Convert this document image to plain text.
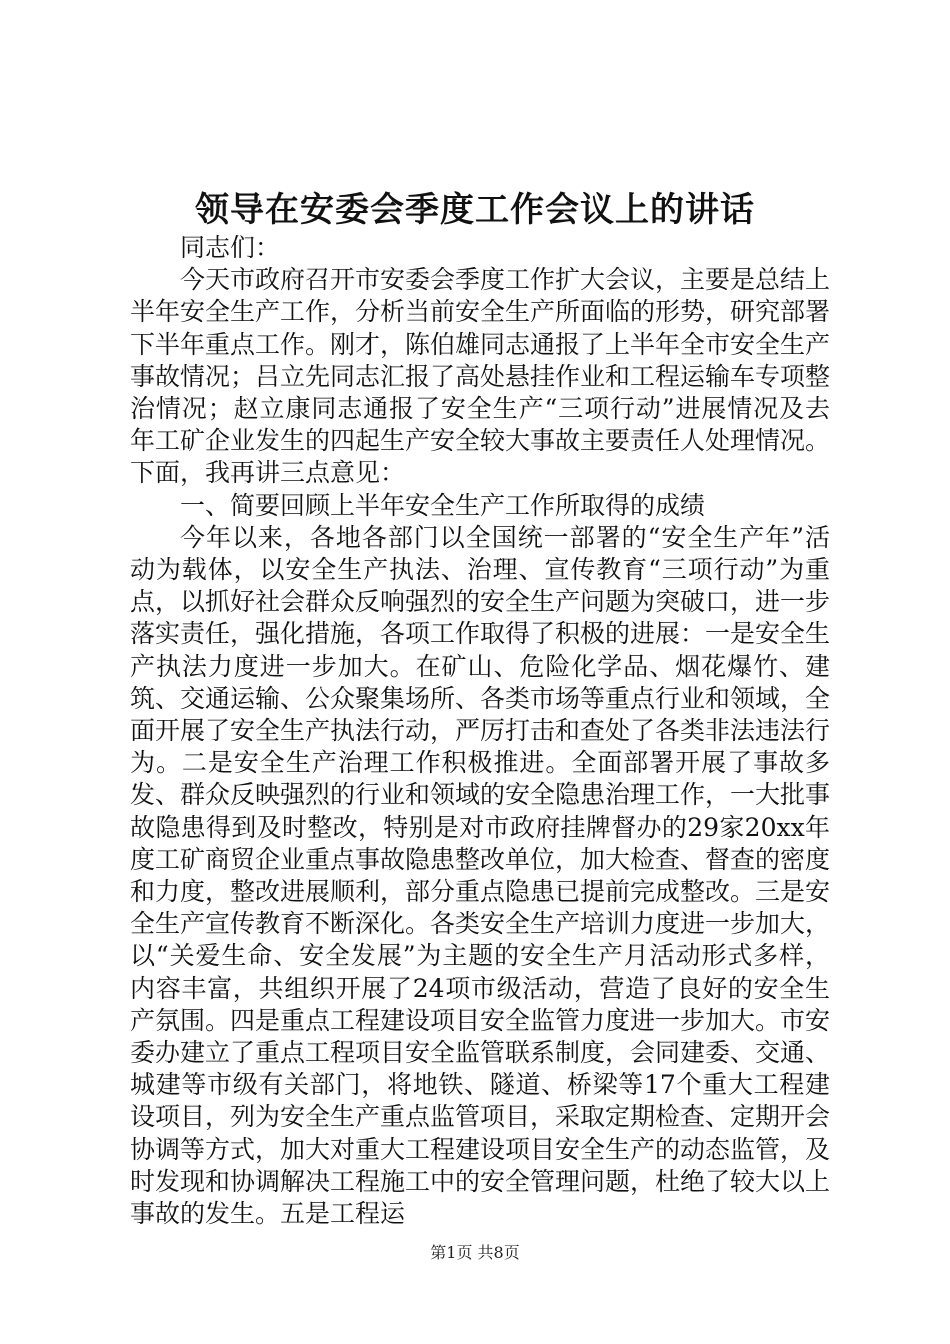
领导在安委会季度工作会议上的讲话

同志们：

今天市政府召开市安委会季度工作扩大会议，主要是总结上半年安全生产工作，分析当前安全生产所面临的形势，研究部署下半年重点工作。刚才，陈伯雄同志通报了上半年全市安全生产事故情况；吕立先同志汇报了高处悬挂作业和工程运输车专项整治情况；赵立康同志通报了安全生产“三项行动”进展情况及去年工矿企业发生的四起生产安全较大事故主要责任人处理情况。下面，我再讲三点意见：

一、简要回顾上半年安全生产工作所取得的成绩

今年以来，各地各部门以全国统一部署的“安全生产年”活动为载体，以安全生产执法、治理、宣传教育“三项行动”为重点，以抓好社会群众反响强烈的安全生产问题为突破口，进一步落实责任，强化措施，各项工作取得了积极的进展：一是安全生产执法力度进一步加大。在矿山、危险化学品、烟花爆竹、建筑、交通运输、公众聚集场所、各类市场等重点行业和领域，全面开展了安全生产执法行动，严厉打击和查处了各类非法违法行为。二是安全生产治理工作积极推进。全面部署开展了事故多发、群众反映强烈的行业和领域的安全隐患治理工作，一大批事故隐患得到及时整改，特别是对市政府挂牌督办的29家20xx年度工矿商贸企业重点事故隐患整改单位，加大检查、督查的密度和力度，整改进展顺利，部分重点隐患已提前完成整改。三是安全生产宣传教育不断深化。各类安全生产培训力度进一步加大，以“关爱生命、安全发展”为主题的安全生产月活动形式多样，内容丰富，共组织开展了24项市级活动，营造了良好的安全生产氛围。四是重点工程建设项目安全监管力度进一步加大。市安委办建立了重点工程项目安全监管联系制度，会同建委、交通、城建等市级有关部门，将地铁、隧道、桥梁等17个重大工程建设项目，列为安全生产重点监管项目，采取定期检查、定期开会协调等方式，加大对重大工程建设项目安全生产的动态监管，及时发现和协调解决工程施工中的安全管理问题，杜绝了较大以上事故的发生。五是工程运

第1页 共8页
